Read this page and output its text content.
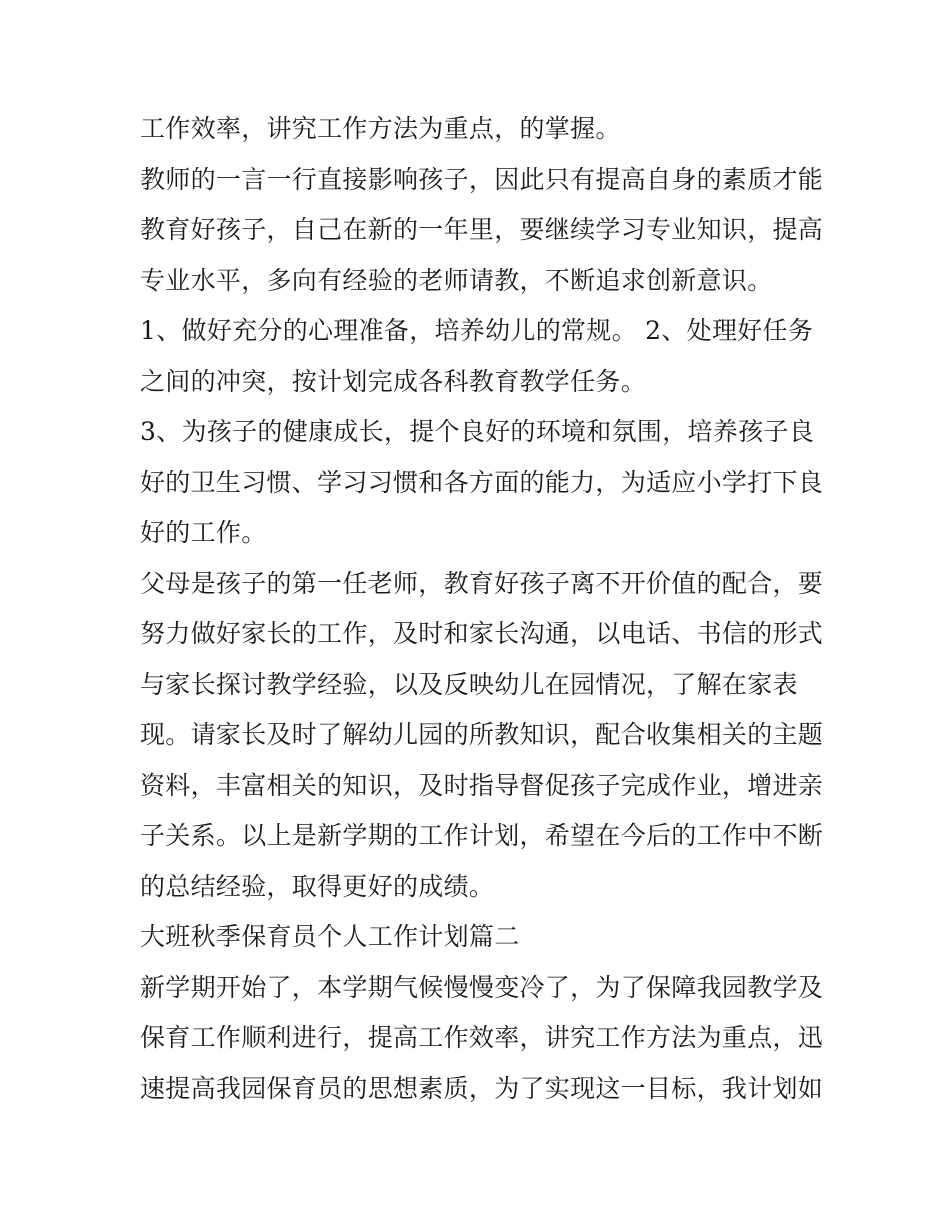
工作效率，讲究工作方法为重点，的掌握。
教师的一言一行直接影响孩子，因此只有提高自身的素质才能
教育好孩子，自己在新的一年里，要继续学习专业知识，提高
专业水平，多向有经验的老师请教，不断追求创新意识。
1、做好充分的心理准备，培养幼儿的常规。 2、处理好任务
之间的冲突，按计划完成各科教育教学任务。
3、为孩子的健康成长，提个良好的环境和氛围，培养孩子良
好的卫生习惯、学习习惯和各方面的能力，为适应小学打下良
好的工作。
父母是孩子的第一任老师，教育好孩子离不开价值的配合，要
努力做好家长的工作，及时和家长沟通，以电话、书信的形式
与家长探讨教学经验，以及反映幼儿在园情况，了解在家表
现。请家长及时了解幼儿园的所教知识，配合收集相关的主题
资料，丰富相关的知识，及时指导督促孩子完成作业，增进亲
子关系。以上是新学期的工作计划，希望在今后的工作中不断
的总结经验，取得更好的成绩。
大班秋季保育员个人工作计划篇二
新学期开始了，本学期气候慢慢变冷了，为了保障我园教学及
保育工作顺利进行，提高工作效率，讲究工作方法为重点，迅
速提高我园保育员的思想素质，为了实现这一目标，我计划如
